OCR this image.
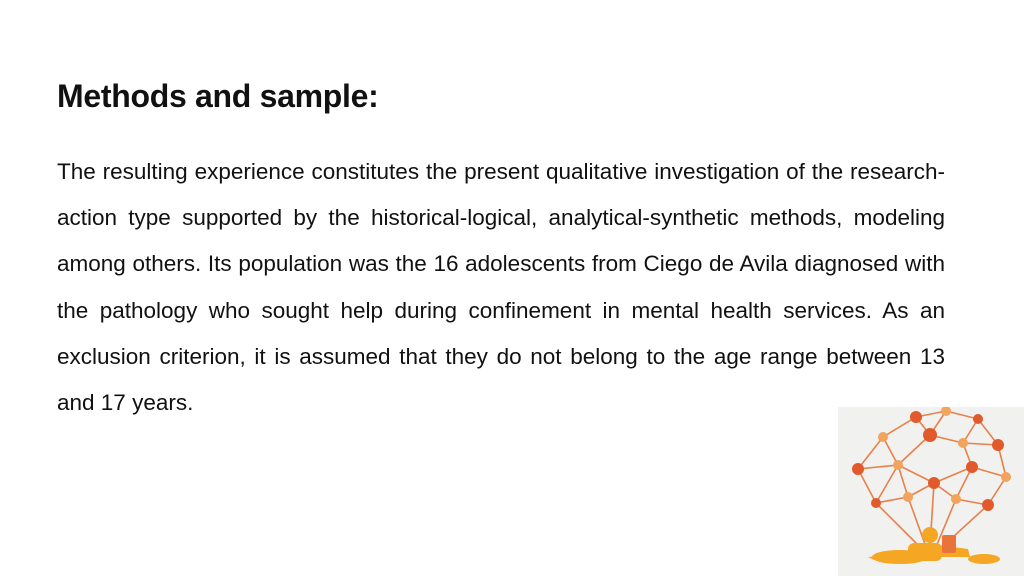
Methods and sample:

The resulting experience constitutes the present qualitative investigation of the research-action type supported by the historical-logical, analytical-synthetic methods, modeling among others. Its population was the 16 adolescents from Ciego de Avila diagnosed with the pathology who sought help during confinement in mental health services. As an exclusion criterion, it is assumed that they do not belong to the age range between 13 and 17 years.
